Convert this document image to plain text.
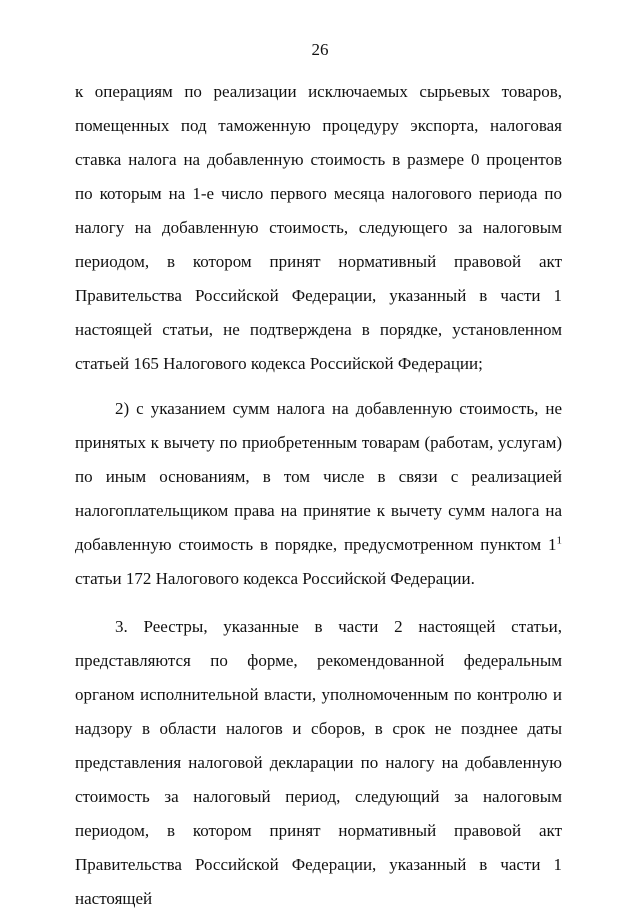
26

к операциям по реализации исключаемых сырьевых товаров, помещенных под таможенную процедуру экспорта, налоговая ставка налога на добавленную стоимость в размере 0 процентов по которым на 1-е число первого месяца налогового периода по налогу на добавленную стоимость, следующего за налоговым периодом, в котором принят нормативный правовой акт Правительства Российской Федерации, указанный в части 1 настоящей статьи, не подтверждена в порядке, установленном статьей 165 Налогового кодекса Российской Федерации;

2) с указанием сумм налога на добавленную стоимость, не принятых к вычету по приобретенным товарам (работам, услугам) по иным основаниям, в том числе в связи с реализацией налогоплательщиком права на принятие к вычету сумм налога на добавленную стоимость в порядке, предусмотренном пунктом $1^1$ статьи 172 Налогового кодекса Российской Федерации.

3. Реестры, указанные в части 2 настоящей статьи, представляются по форме, рекомендованной федеральным органом исполнительной власти, уполномоченным по контролю и надзору в области налогов и сборов, в срок не позднее даты представления налоговой декларации по налогу на добавленную стоимость за налоговый период, следующий за налоговым периодом, в котором принят нормативный правовой акт Правительства Российской Федерации, указанный в части 1 настоящей
